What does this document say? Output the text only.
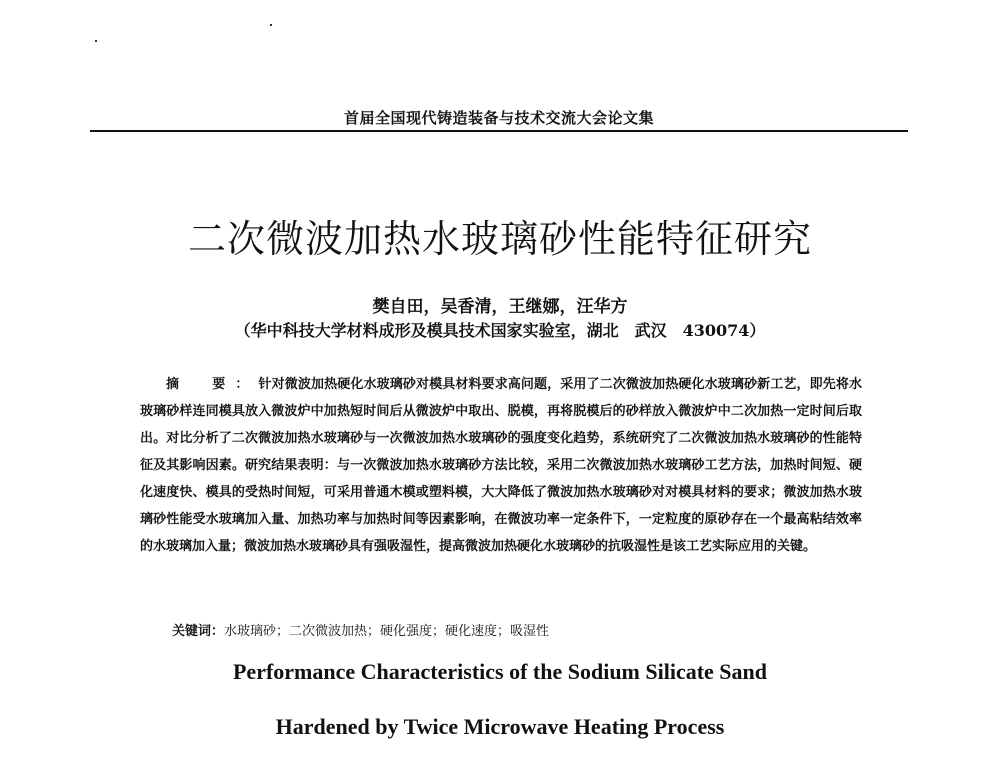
首届全国现代铸造装备与技术交流大会论文集
二次微波加热水玻璃砂性能特征研究
樊自田，吴香清，王继娜，汪华方
（华中科技大学材料成形及模具技术国家实验室，湖北　武汉　430074）
摘　要：针对微波加热硬化水玻璃砂对模具材料要求高问题，采用了二次微波加热硬化水玻璃砂新工艺，即先将水玻璃砂样连同模具放入微波炉中加热短时间后从微波炉中取出、脱模，再将脱模后的砂样放入微波炉中二次加热一定时间后取出。对比分析了二次微波加热水玻璃砂与一次微波加热水玻璃砂的强度变化趋势，系统研究了二次微波加热水玻璃砂的性能特征及其影响因素。研究结果表明：与一次微波加热水玻璃砂方法比较，采用二次微波加热水玻璃砂工艺方法，加热时间短、硬化速度快、模具的受热时间短，可采用普通木模或塑料模，大大降低了微波加热水玻璃砂对对模具材料的要求；微波加热水玻璃砂性能受水玻璃加入量、加热功率与加热时间等因素影响，在微波功率一定条件下，一定粒度的原砂存在一个最高粘结效率的水玻璃加入量；微波加热水玻璃砂具有强吸湿性，提高微波加热硬化水玻璃砂的抗吸湿性是该工艺实际应用的关键。
关键词：水玻璃砂；二次微波加热；硬化强度；硬化速度；吸湿性
Performance Characteristics of the Sodium Silicate Sand
Hardened by Twice Microwave Heating Process
